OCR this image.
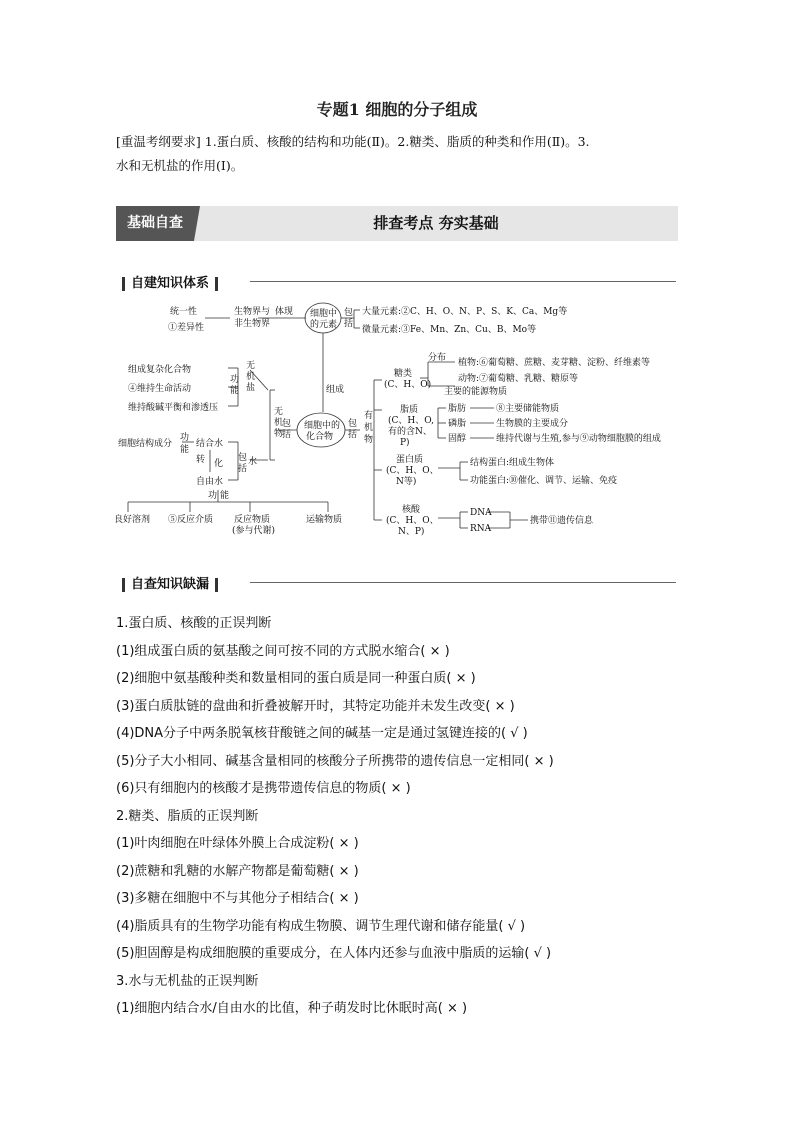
专题1 细胞的分子组成
[重温考纲要求] 1.蛋白质、核酸的结构和功能(Ⅱ)。2.糖类、脂质的种类和作用(Ⅱ)。3.
水和无机盐的作用(Ⅰ)。
基础自查	排查考点 夯实基础
自建知识体系
统一性
①差异性
生物界与
非生物界
体现 细胞中
的元素
包
括
大量元素:②C、H、O、N、P、S、K、Ca、Mg等
微量元素:③Fe、Mn、Zn、Cu、B、Mo等
组成
细胞中的
化合物
无
机
物
包
括
包
括
有
机
物
组成复杂化合物
④维持生命活动
维持酸碱平衡和渗透压
功
能
无
机
盐
水
包
括
结合水
自由水
转 化
细胞结构成分
功
能
功 能
良好溶剂 ⑤反应介质 反应物质
(参与代谢)
运输物质
糖类
(C、H、O)
分布 植物:⑥葡萄糖、蔗糖、麦芽糖、淀粉、纤维素等
动物:⑦葡萄糖、乳糖、糖原等
主要的能源物质
脂质
(C、H、O,
有的含N、
P)
脂肪
磷脂
固醇
⑧主要储能物质
生物膜的主要成分
维持代谢与生殖,参与⑨动物细胞膜的组成
蛋白质
(C、H、O、
N等)
结构蛋白:组成生物体
功能蛋白:⑩催化、调节、运输、免疫
核酸
(C、H、O、
N、P)
DNA
RNA
携带⑪遗传信息
自查知识缺漏
1.蛋白质、核酸的正误判断
(1)组成蛋白质的氨基酸之间可按不同的方式脱水缩合( × )
(2)细胞中氨基酸种类和数量相同的蛋白质是同一种蛋白质( × )
(3)蛋白质肽链的盘曲和折叠被解开时，其特定功能并未发生改变( × )
(4)DNA分子中两条脱氧核苷酸链之间的碱基一定是通过氢键连接的( √ )
(5)分子大小相同、碱基含量相同的核酸分子所携带的遗传信息一定相同( × )
(6)只有细胞内的核酸才是携带遗传信息的物质( × )
2.糖类、脂质的正误判断
(1)叶肉细胞在叶绿体外膜上合成淀粉( × )
(2)蔗糖和乳糖的水解产物都是葡萄糖( × )
(3)多糖在细胞中不与其他分子相结合( × )
(4)脂质具有的生物学功能有构成生物膜、调节生理代谢和储存能量( √ )
(5)胆固醇是构成细胞膜的重要成分，在人体内还参与血液中脂质的运输( √ )
3.水与无机盐的正误判断
(1)细胞内结合水/自由水的比值，种子萌发时比休眠时高( × )
